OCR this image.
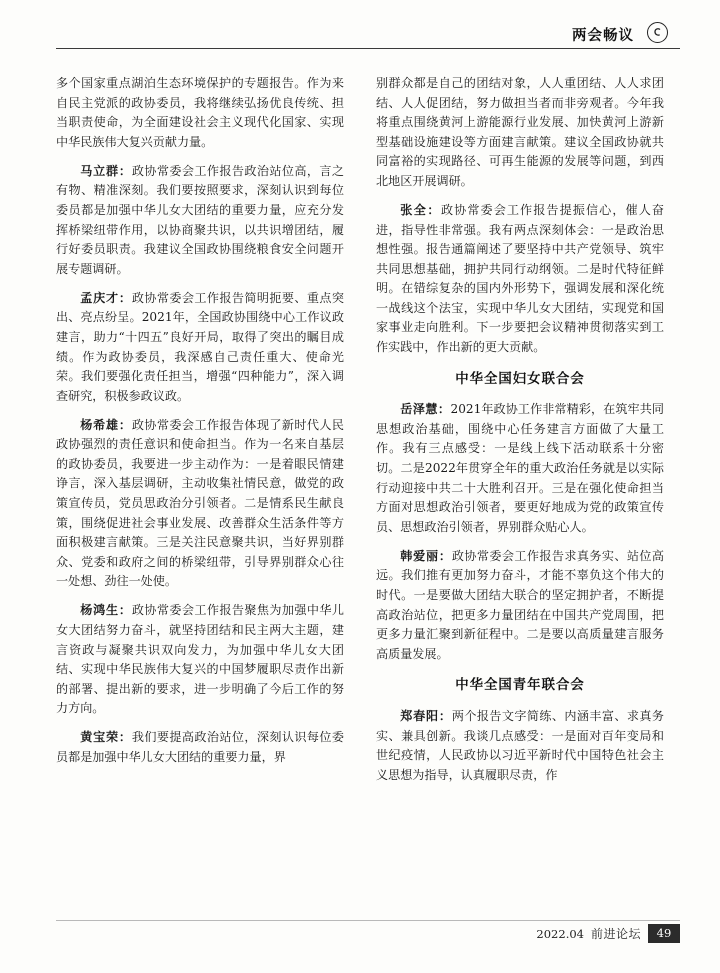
两会畅议

多个国家重点湖泊生态环境保护的专题报告。作为来自民主党派的政协委员，我将继续弘扬优良传统、担当职责使命，为全面建设社会主义现代化国家、实现中华民族伟大复兴贡献力量。

马立群：政协常委会工作报告政治站位高，言之有物、精准深刻。我们要按照要求，深刻认识到每位委员都是加强中华儿女大团结的重要力量，应充分发挥桥梁纽带作用，以协商聚共识，以共识增团结，履行好委员职责。我建议全国政协围绕粮食安全问题开展专题调研。

孟庆才：政协常委会工作报告简明扼要、重点突出、亮点纷呈。2021年，全国政协围绕中心工作议政建言，助力“十四五”良好开局，取得了突出的瞩目成绩。作为政协委员，我深感自己责任重大、使命光荣。我们要强化责任担当，增强“四种能力”，深入调查研究，积极参政议政。

杨希雄：政协常委会工作报告体现了新时代人民政协强烈的责任意识和使命担当。作为一名来自基层的政协委员，我要进一步主动作为：一是着眼民情建诤言，深入基层调研，主动收集社情民意，做党的政策宣传员，党员思政治分引领者。二是情系民生献良策，围绕促进社会事业发展、改善群众生活条件等方面积极建言献策。三是关注民意聚共识，当好界别群众、党委和政府之间的桥梁纽带，引导界别群众心往一处想、劲往一处使。

杨鸿生：政协常委会工作报告聚焦为加强中华儿女大团结努力奋斗，就坚持团结和民主两大主题，建言资政与凝聚共识双向发力，为加强中华儿女大团结、实现中华民族伟大复兴的中国梦履职尽责作出新的部署、提出新的要求，进一步明确了今后工作的努力方向。

黄宝荣：我们要提高政治站位，深刻认识每位委员都是加强中华儿女大团结的重要力量，界

别群众都是自己的团结对象，人人重团结、人人求团结、人人促团结，努力做担当者而非旁观者。今年我将重点围绕黄河上游能源行业发展、加快黄河上游新型基础设施建设等方面建言献策。建议全国政协就共同富裕的实现路径、可再生能源的发展等问题，到西北地区开展调研。

张全：政协常委会工作报告提振信心，催人奋进，指导性非常强。我有两点深刻体会：一是政治思想性强。报告通篇阐述了要坚持中共产党领导、筑牢共同思想基础，拥护共同行动纲领。二是时代特征鲜明。在错综复杂的国内外形势下，强调发展和深化统一战线这个法宝，实现中华儿女大团结，实现党和国家事业走向胜利。下一步要把会议精神贯彻落实到工作实践中，作出新的更大贡献。

中华全国妇女联合会

岳泽慧：2021年政协工作非常精彩，在筑牢共同思想政治基础，围绕中心任务建言方面做了大量工作。我有三点感受：一是线上线下活动联系十分密切。二是2022年贯穿全年的重大政治任务就是以实际行动迎接中共二十大胜利召开。三是在强化使命担当方面对思想政治引领者，要更好地成为党的政策宣传员、思想政治引领者，界别群众贴心人。

韩爱丽：政协常委会工作报告求真务实、站位高远。我们推有更加努力奋斗，才能不辜负这个伟大的时代。一是要做大团结大联合的坚定拥护者，不断提高政治站位，把更多力量团结在中国共产党周围，把更多力量汇聚到新征程中。二是要以高质量建言服务高质量发展。

中华全国青年联合会

郑春阳：两个报告文字简练、内涵丰富、求真务实、兼具创新。我谈几点感受：一是面对百年变局和世纪疫情，人民政协以习近平新时代中国特色社会主义思想为指导，认真履职尽责，作

2022.04 前进论坛	49
